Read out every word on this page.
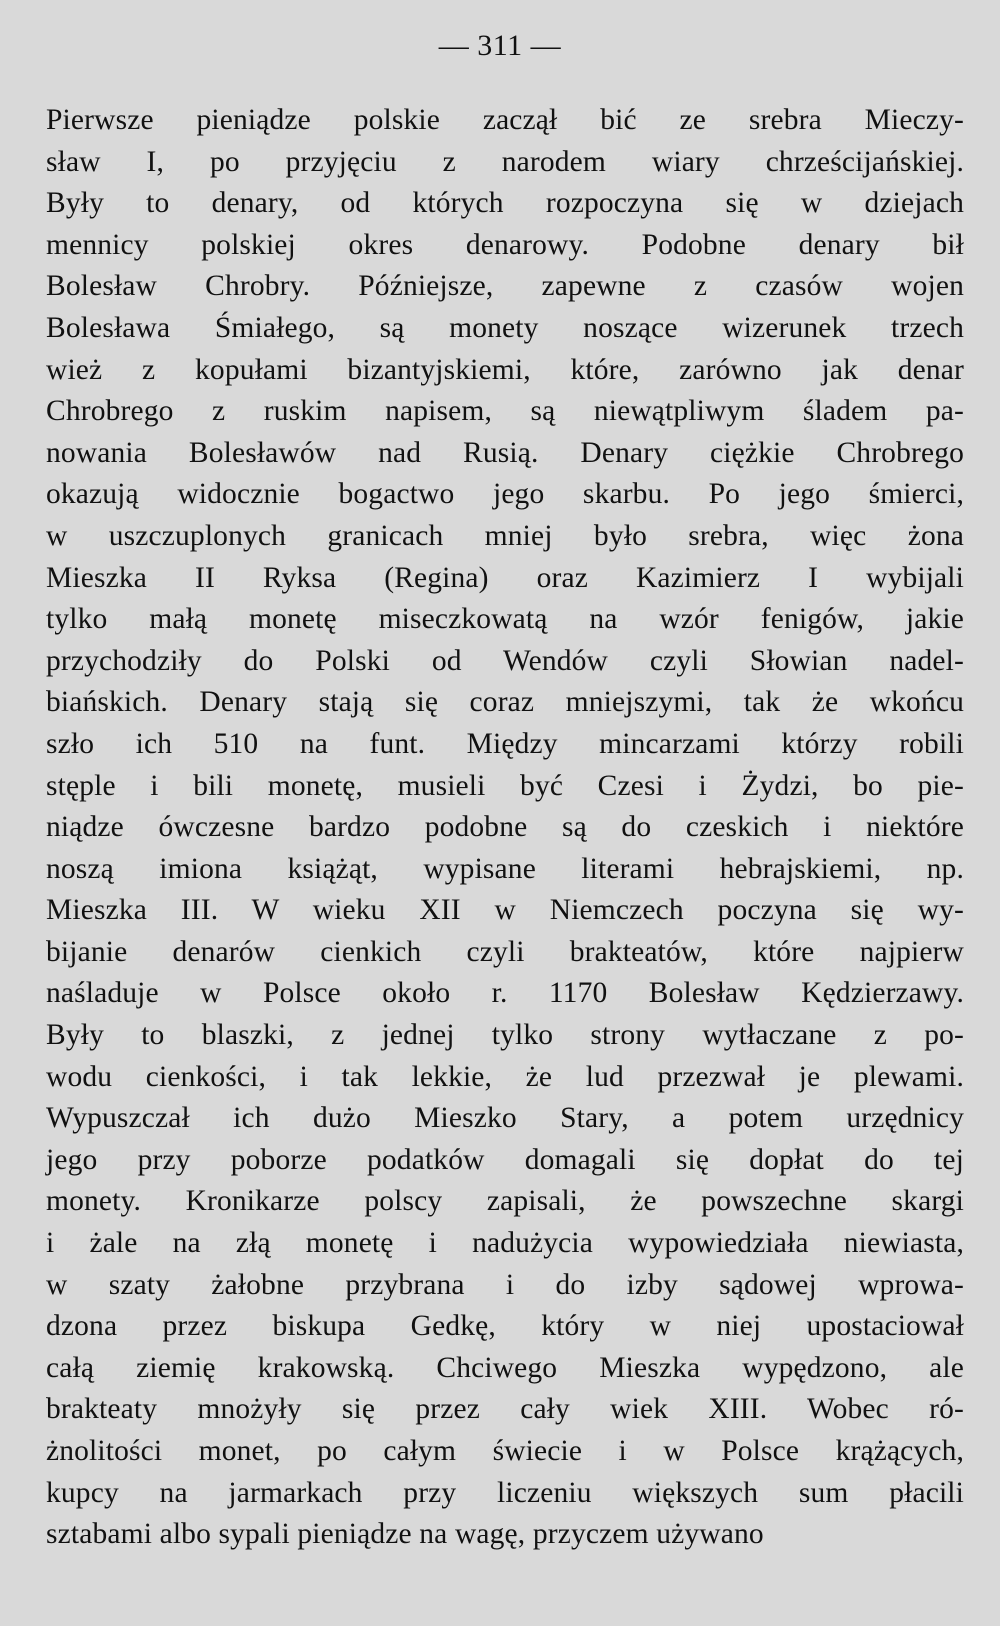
— 311 —
Pierwsze pieniądze polskie zaczął bić ze srebra Mieczy-
sław I, po przyjęciu z narodem wiary chrześcijańskiej.
Były to denary, od których rozpoczyna się w dziejach
mennicy polskiej okres denarowy. Podobne denary bił
Bolesław Chrobry. Późniejsze, zapewne z czasów wojen
Bolesława Śmiałego, są monety noszące wizerunek trzech
wież z kopułami bizantyjskiemi, które, zarówno jak denar
Chrobrego z ruskim napisem, są niewątpliwym śladem pa-
nowania Bolesławów nad Rusią. Denary ciężkie Chrobrego
okazują widocznie bogactwo jego skarbu. Po jego śmierci,
w uszczuplonych granicach mniej było srebra, więc żona
Mieszka II Ryksa (Regina) oraz Kazimierz I wybijali
tylko małą monetę miseczkowatą na wzór fenigów, jakie
przychodziły do Polski od Wendów czyli Słowian nadel-
biańskich. Denary stają się coraz mniejszymi, tak że wkońcu
szło ich 510 na funt. Między mincarzami którzy robili
stęple i bili monetę, musieli być Czesi i Żydzi, bo pie-
niądze ówczesne bardzo podobne są do czeskich i niektóre
noszą imiona książąt, wypisane literami hebrajskiemi, np.
Mieszka III. W wieku XII w Niemczech poczyna się wy-
bijanie denarów cienkich czyli brakteatów, które najpierw
naśladuje w Polsce około r. 1170 Bolesław Kędzierzawy.
Były to blaszki, z jednej tylko strony wytłaczane z po-
wodu cienkości, i tak lekkie, że lud przezwał je plewami.
Wypuszczał ich dużo Mieszko Stary, a potem urzędnicy
jego przy poborze podatków domagali się dopłat do tej
monety. Kronikarze polscy zapisali, że powszechne skargi
i żale na złą monetę i nadużycia wypowiedziała niewiasta,
w szaty żałobne przybrana i do izby sądowej wprowa-
dzona przez biskupa Gedkę, który w niej upostaciował
całą ziemię krakowską. Chciwego Mieszka wypędzono, ale
brakteaty mnożyły się przez cały wiek XIII. Wobec ró-
żnolitości monet, po całym świecie i w Polsce krążących,
kupcy na jarmarkach przy liczeniu większych sum płacili
sztabami albo sypali pieniądze na wagę, przyczem używano
